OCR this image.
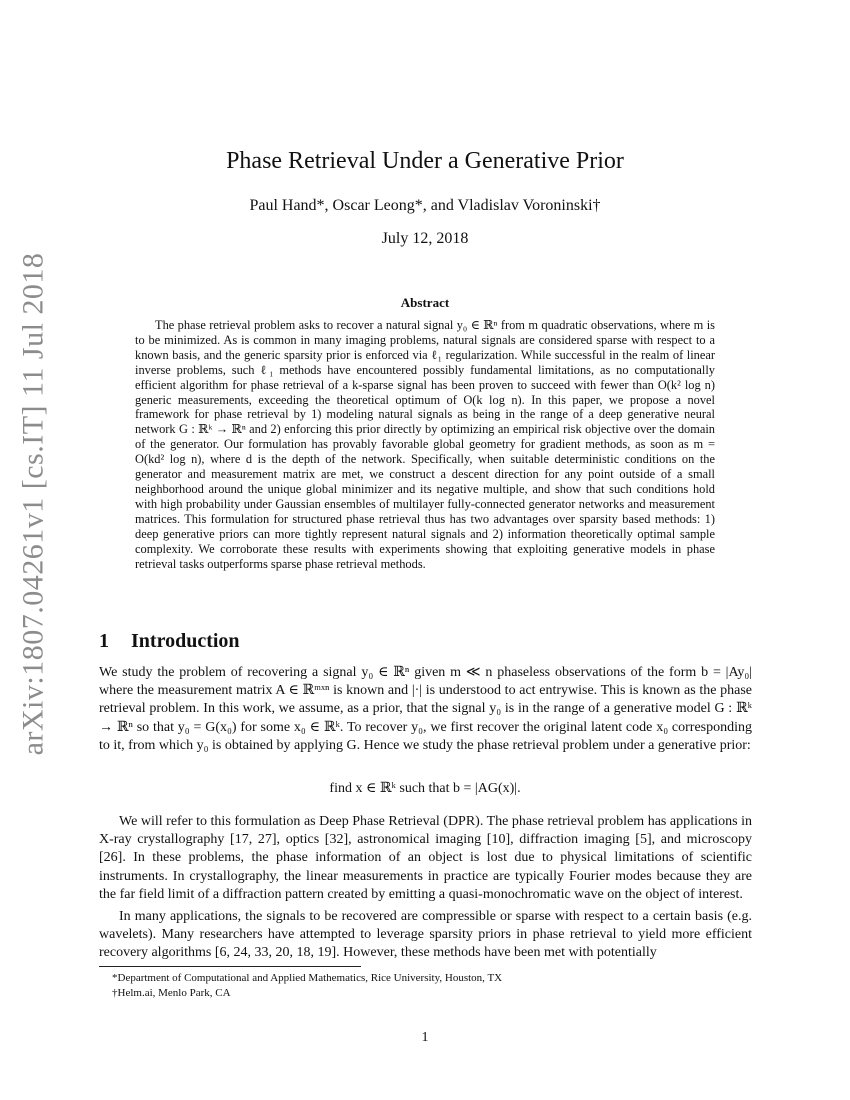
arXiv:1807.04261v1 [cs.IT] 11 Jul 2018
Phase Retrieval Under a Generative Prior
Paul Hand*, Oscar Leong*, and Vladislav Voroninski†
July 12, 2018
Abstract

The phase retrieval problem asks to recover a natural signal y₀ ∈ ℝⁿ from m quadratic observations, where m is to be minimized. As is common in many imaging problems, natural signals are considered sparse with respect to a known basis, and the generic sparsity prior is enforced via ℓ₁ regularization. While successful in the realm of linear inverse problems, such ℓ₁ methods have encountered possibly fundamental limitations, as no computationally efficient algorithm for phase retrieval of a k-sparse signal has been proven to succeed with fewer than O(k² log n) generic measurements, exceeding the theoretical optimum of O(k log n). In this paper, we propose a novel framework for phase retrieval by 1) modeling natural signals as being in the range of a deep generative neural network G : ℝᵏ → ℝⁿ and 2) enforcing this prior directly by optimizing an empirical risk objective over the domain of the generator. Our formulation has provably favorable global geometry for gradient methods, as soon as m = O(kd² log n), where d is the depth of the network. Specifically, when suitable deterministic conditions on the generator and measurement matrix are met, we construct a descent direction for any point outside of a small neighborhood around the unique global minimizer and its negative multiple, and show that such conditions hold with high probability under Gaussian ensembles of multilayer fully-connected generator networks and measurement matrices. This formulation for structured phase retrieval thus has two advantages over sparsity based methods: 1) deep generative priors can more tightly represent natural signals and 2) information theoretically optimal sample complexity. We corroborate these results with experiments showing that exploiting generative models in phase retrieval tasks outperforms sparse phase retrieval methods.

1 Introduction

We study the problem of recovering a signal y₀ ∈ ℝⁿ given m ≪ n phaseless observations of the form b = |Ay₀| where the measurement matrix A ∈ ℝᵐˣⁿ is known and |·| is understood to act entrywise. This is known as the phase retrieval problem. In this work, we assume, as a prior, that the signal y₀ is in the range of a generative model G : ℝᵏ → ℝⁿ so that y₀ = G(x₀) for some x₀ ∈ ℝᵏ. To recover y₀, we first recover the original latent code x₀ corresponding to it, from which y₀ is obtained by applying G. Hence we study the phase retrieval problem under a generative prior:

find x ∈ ℝᵏ such that b = |AG(x)|.

We will refer to this formulation as Deep Phase Retrieval (DPR). The phase retrieval problem has applications in X-ray crystallography [17, 27], optics [32], astronomical imaging [10], diffraction imaging [5], and microscopy [26]. In these problems, the phase information of an object is lost due to physical limitations of scientific instruments. In crystallography, the linear measurements in practice are typically Fourier modes because they are the far field limit of a diffraction pattern created by emitting a quasi-monochromatic wave on the object of interest.

In many applications, the signals to be recovered are compressible or sparse with respect to a certain basis (e.g. wavelets). Many researchers have attempted to leverage sparsity priors in phase retrieval to yield more efficient recovery algorithms [6, 24, 33, 20, 18, 19]. However, these methods have been met with potentially

*Department of Computational and Applied Mathematics, Rice University, Houston, TX
†Helm.ai, Menlo Park, CA
1
